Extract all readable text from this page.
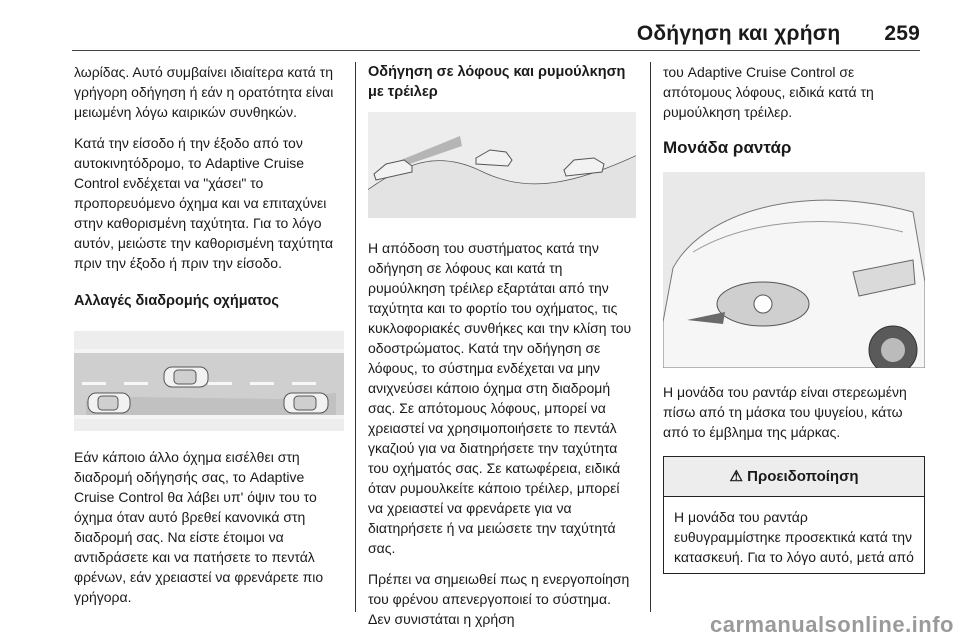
Οδήγηση και χρήση 259

λωρίδας. Αυτό συμβαίνει ιδιαίτερα κατά τη γρήγορη οδήγηση ή εάν η ορατότητα είναι μειωμένη λόγω καιρικών συνθηκών.

Κατά την είσοδο ή την έξοδο από τον αυτοκινητόδρομο, το Adaptive Cruise Control ενδέχεται να "χάσει" το προπορευόμενο όχημα και να επιταχύνει στην καθορισμένη ταχύτητα. Για το λόγο αυτόν, μειώστε την καθορισμένη ταχύτητα πριν την έξοδο ή πριν την είσοδο.

Αλλαγές διαδρομής οχήματος

Εάν κάποιο άλλο όχημα εισέλθει στη διαδρομή οδήγησής σας, το Adaptive Cruise Control θα λάβει υπ' όψιν του το όχημα όταν αυτό βρεθεί κανονικά στη διαδρομή σας. Να είστε έτοιμοι να αντιδράσετε και να πατήσετε το πεντάλ φρένων, εάν χρειαστεί να φρενάρετε πιο γρήγορα.

Οδήγηση σε λόφους και ρυμούλκηση με τρέιλερ

Η απόδοση του συστήματος κατά την οδήγηση σε λόφους και κατά τη ρυμούλκηση τρέιλερ εξαρτάται από την ταχύτητα και το φορτίο του οχήματος, τις κυκλοφοριακές συνθήκες και την κλίση του οδοστρώματος. Κατά την οδήγηση σε λόφους, το σύστημα ενδέχεται να μην ανιχνεύσει κάποιο όχημα στη διαδρομή σας. Σε απότομους λόφους, μπορεί να χρειαστεί να χρησιμοποιήσετε το πεντάλ γκαζιού για να διατηρήσετε την ταχύτητα του οχήματός σας. Σε κατωφέρεια, ειδικά όταν ρυμουλκείτε κάποιο τρέιλερ, μπορεί να χρειαστεί να φρενάρετε για να διατηρήσετε ή να μειώσετε την ταχύτητά σας.

Πρέπει να σημειωθεί πως η ενεργοποίηση του φρένου απενεργοποιεί το σύστημα. Δεν συνιστάται η χρήση

του Adaptive Cruise Control σε απότομους λόφους, ειδικά κατά τη ρυμούλκηση τρέιλερ.

Μονάδα ραντάρ

Η μονάδα του ραντάρ είναι στερεωμένη πίσω από τη μάσκα του ψυγείου, κάτω από το έμβλημα της μάρκας.

⚠ Προειδοποίηση
Η μονάδα του ραντάρ ευθυγραμμίστηκε προσεκτικά κατά την κατασκευή. Για το λόγο αυτό, μετά από
carmanualsonline.info
